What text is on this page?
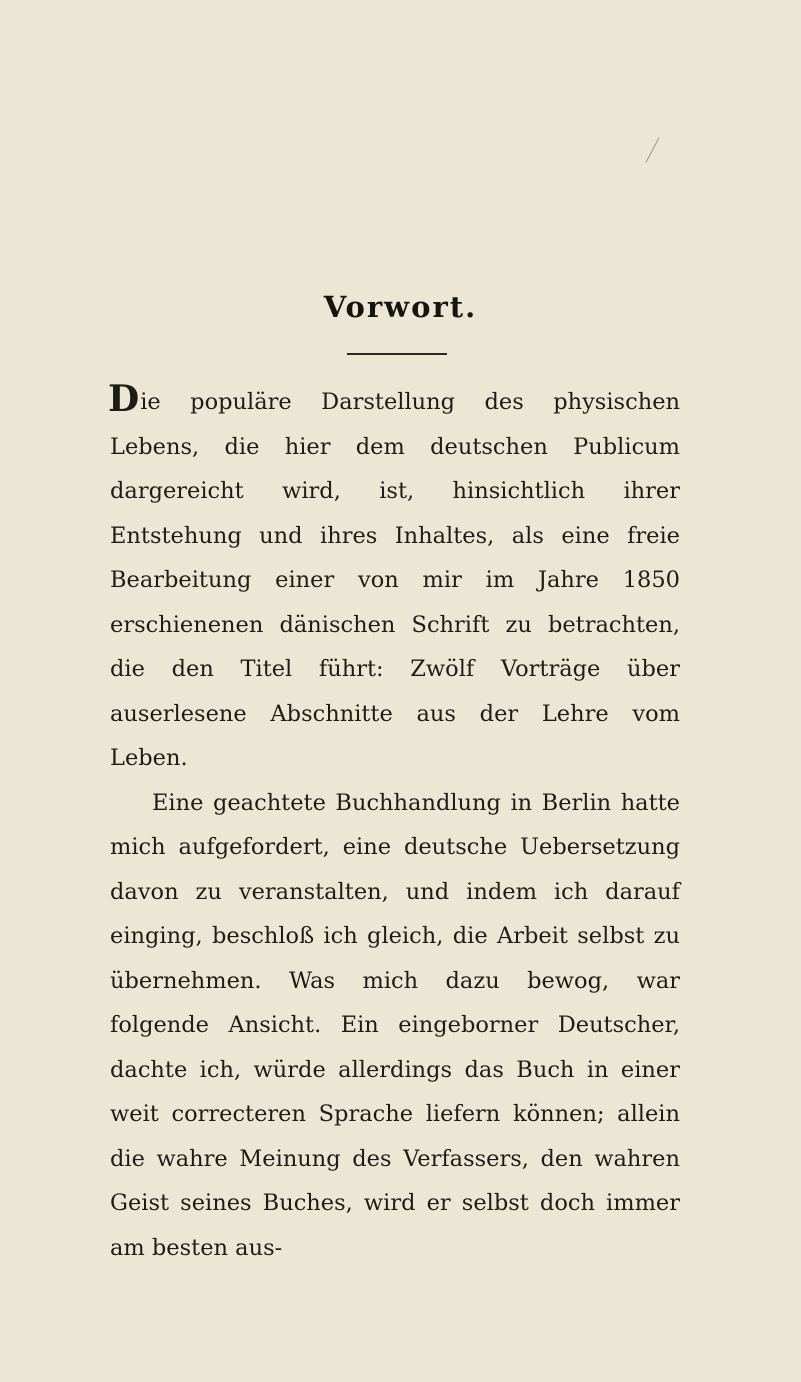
Vorwort.

Die populäre Darstellung des physischen Lebens, die hier dem deutschen Publicum dargereicht wird, ist, hinsichtlich ihrer Entstehung und ihres Inhaltes, als eine freie Bearbeitung einer von mir im Jahre 1850 erschienenen dänischen Schrift zu betrachten, die den Titel führt: Zwölf Vorträge über auserlesene Abschnitte aus der Lehre vom Leben.

Eine geachtete Buchhandlung in Berlin hatte mich aufgefordert, eine deutsche Uebersetzung davon zu veranstalten, und indem ich darauf einging, beschloß ich gleich, die Arbeit selbst zu übernehmen. Was mich dazu bewog, war folgende Ansicht. Ein eingeborner Deutscher, dachte ich, würde allerdings das Buch in einer weit correcteren Sprache liefern können; allein die wahre Meinung des Verfassers, den wahren Geist seines Buches, wird er selbst doch immer am besten aus-
